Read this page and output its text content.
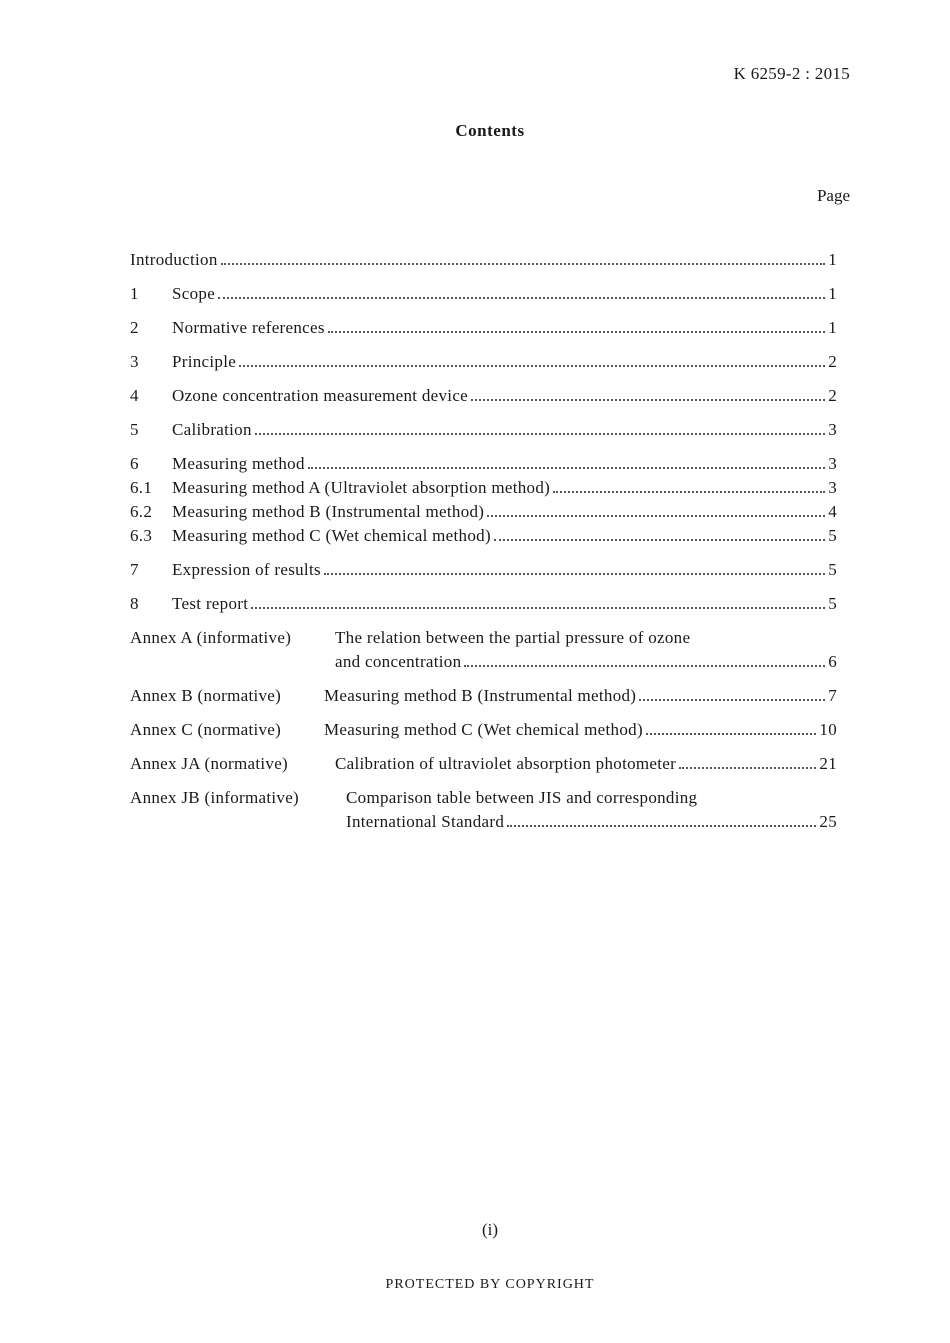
K 6259-2 : 2015
Contents
Page
Introduction	1
1	Scope	1
2	Normative references	1
3	Principle	2
4	Ozone concentration measurement device	2
5	Calibration	3
6	Measuring method	3
6.1	Measuring method A (Ultraviolet absorption method)	3
6.2	Measuring method B (Instrumental method)	4
6.3	Measuring method C (Wet chemical method)	5
7	Expression of results	5
8	Test report	5
Annex A (informative)	The relation between the partial pressure of ozone
and concentration	6
Annex B (normative)	Measuring method B (Instrumental method)	7
Annex C (normative)	Measuring method C (Wet chemical method)	10
Annex JA (normative)	Calibration of ultraviolet absorption photometer	21
Annex JB (informative)	Comparison table between JIS and corresponding
International Standard	25
(i)
PROTECTED BY COPYRIGHT
